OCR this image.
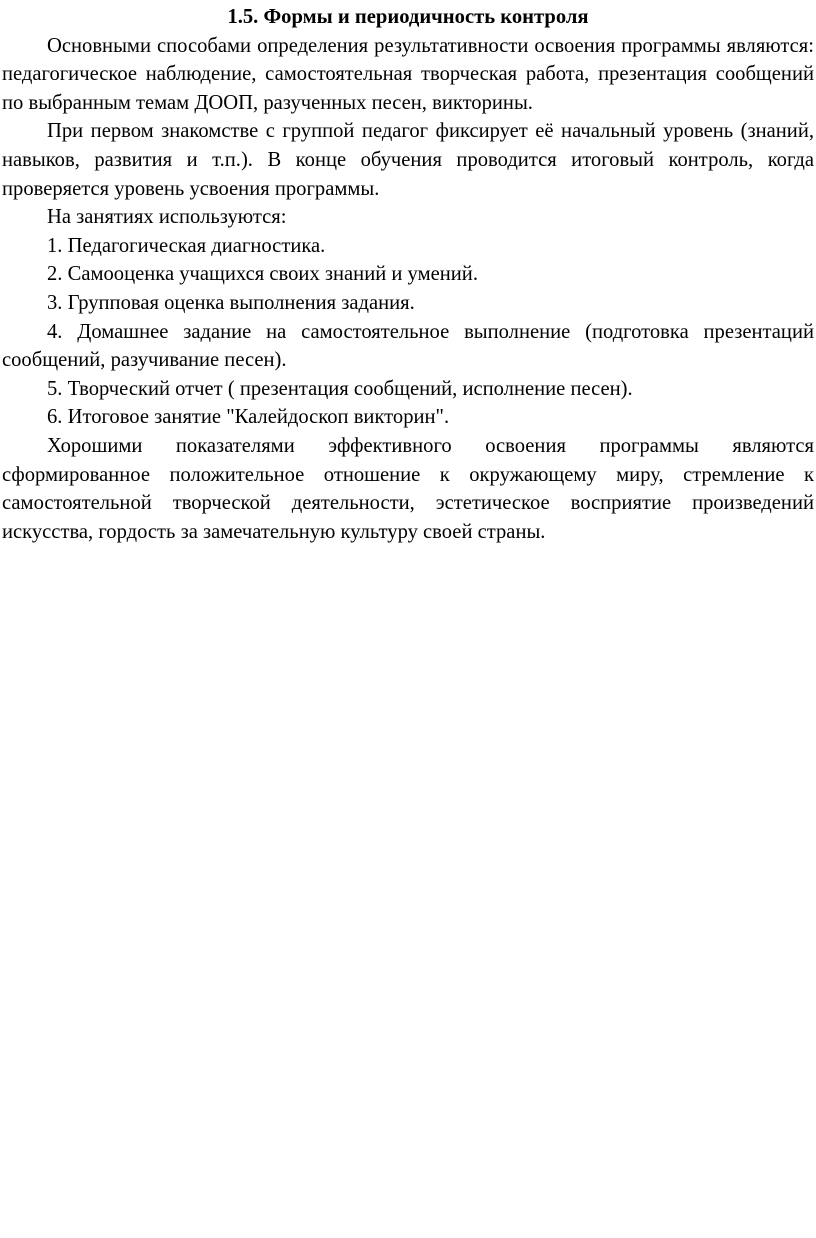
1.5. Формы и периодичность контроля

Основными способами определения результативности освоения программы являются: педагогическое наблюдение, самостоятельная творческая работа, презентация сообщений по выбранным темам ДООП, разученных песен, викторины.

При первом знакомстве с группой педагог фиксирует её начальный уровень (знаний, навыков, развития и т.п.). В конце обучения проводится итоговый контроль, когда проверяется уровень усвоения программы.

На занятиях используются:

1. Педагогическая диагностика.

2. Самооценка учащихся своих знаний и умений.

3. Групповая оценка выполнения задания.

4. Домашнее задание на самостоятельное выполнение (подготовка презентаций сообщений, разучивание песен).

5. Творческий отчет ( презентация сообщений, исполнение песен).

6. Итоговое занятие "Калейдоскоп викторин".

Хорошими показателями эффективного освоения программы являются сформированное положительное отношение к окружающему миру, стремление к самостоятельной творческой деятельности, эстетическое восприятие произведений искусства, гордость за замечательную культуру своей страны.
